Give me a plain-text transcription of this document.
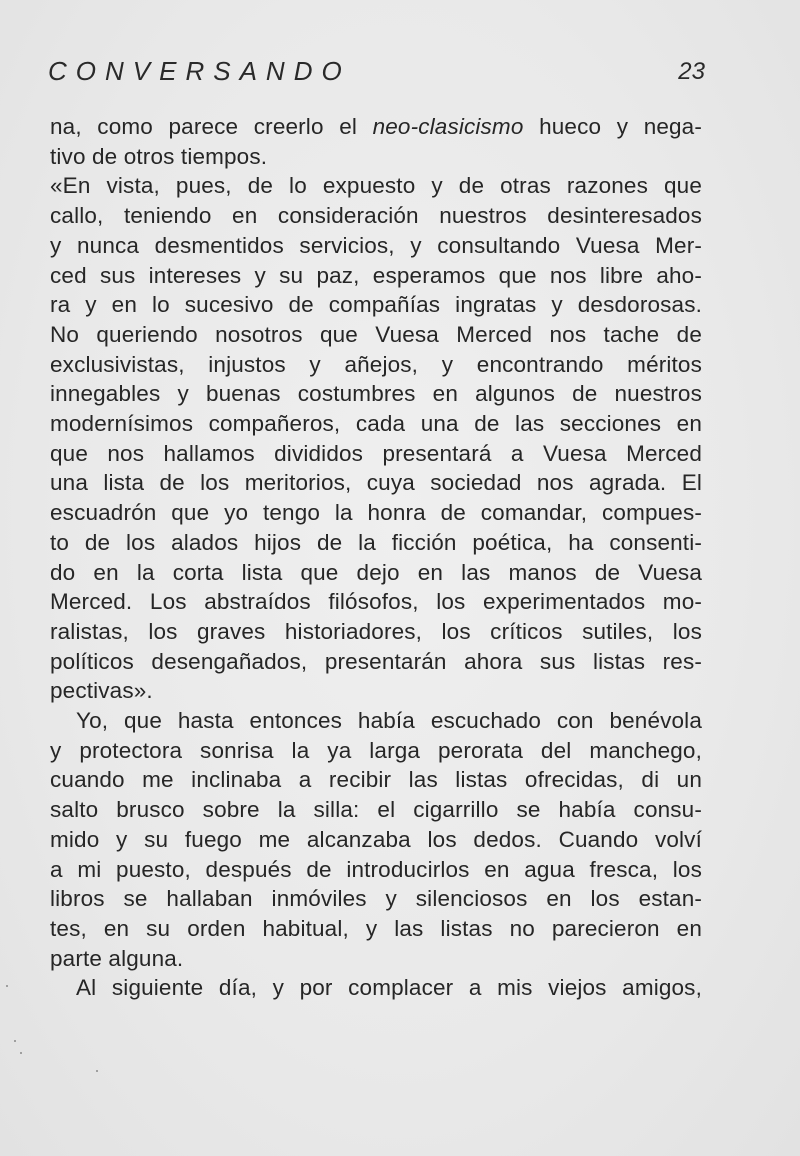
CONVERSANDO	23
na, como parece creerlo el neo-clasicismo hueco y nega-
tivo de otros tiempos.
«En vista, pues, de lo expuesto y de otras razones que
callo, teniendo en consideración nuestros desinteresados
y nunca desmentidos servicios, y consultando Vuesa Mer-
ced sus intereses y su paz, esperamos que nos libre aho-
ra y en lo sucesivo de compañías ingratas y desdorosas.
No queriendo nosotros que Vuesa Merced nos tache de
exclusivistas, injustos y añejos, y encontrando méritos
innegables y buenas costumbres en algunos de nuestros
modernísimos compañeros, cada una de las secciones en
que nos hallamos divididos presentará a Vuesa Merced
una lista de los meritorios, cuya sociedad nos agrada. El
escuadrón que yo tengo la honra de comandar, compues-
to de los alados hijos de la ficción poética, ha consenti-
do en la corta lista que dejo en las manos de Vuesa
Merced. Los abstraídos filósofos, los experimentados mo-
ralistas, los graves historiadores, los críticos sutiles, los
políticos desengañados, presentarán ahora sus listas res-
pectivas».
Yo, que hasta entonces había escuchado con benévola
y protectora sonrisa la ya larga perorata del manchego,
cuando me inclinaba a recibir las listas ofrecidas, di un
salto brusco sobre la silla: el cigarrillo se había consu-
mido y su fuego me alcanzaba los dedos. Cuando volví
a mi puesto, después de introducirlos en agua fresca, los
libros se hallaban inmóviles y silenciosos en los estan-
tes, en su orden habitual, y las listas no parecieron en
parte alguna.
Al siguiente día, y por complacer a mis viejos amigos,
